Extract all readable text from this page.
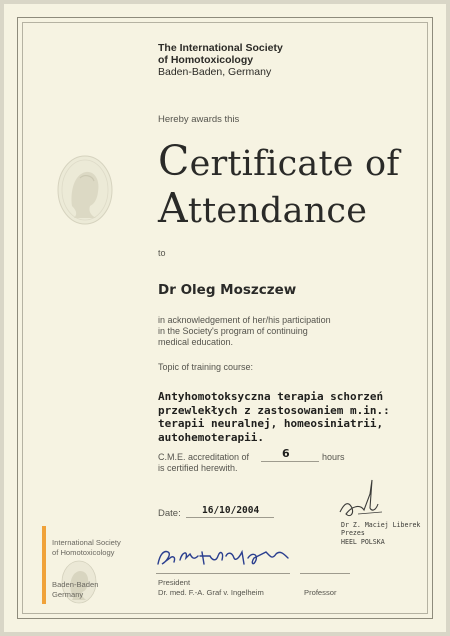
The International Society
of Homotoxicology
Baden-Baden, Germany
Hereby awards this
Certificate of
Attendance
to
Dr Oleg Moszczew
in acknowledgement of her/his participation
in the Society's program of continuing
medical education.
Topic of training course:
Antyhomotoksyczna terapia schorzeń
przewlekłych z zastosowaniem m.in.:
terapii neuralnej, homeosiniatrii,
autohemoterapii.
C.M.E. accreditation of
is certified herewith.
6	hours
Date: 16/10/2004
Dr Z. Maciej Liberek
Prezes
HEEL POLSKA
International Society
of Homotoxicology
Baden-Baden
Germany
President
Dr. med. F.-A. Graf v. Ingelheim	Professor
